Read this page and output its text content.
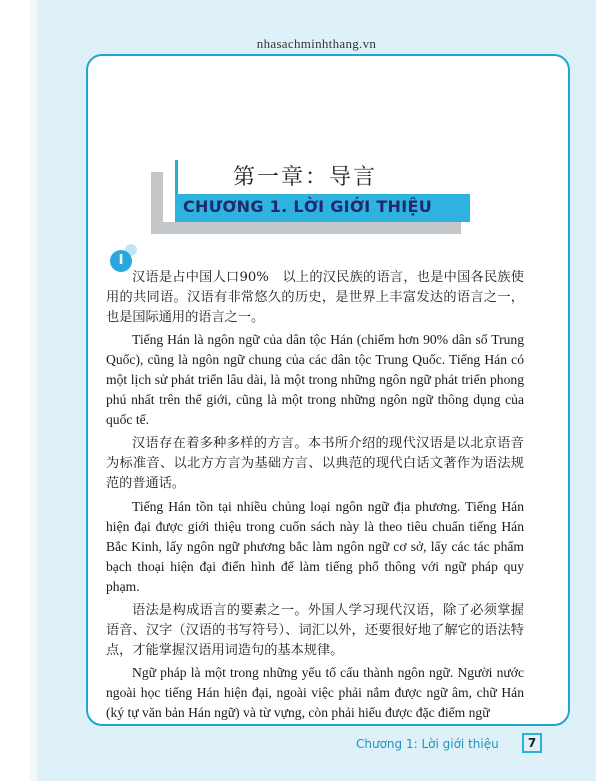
nhasachminhthang.vn
第一章：导言
CHƯƠNG 1. LỜI GIỚI THIỆU
I

汉语是占中国人口90%　以上的汉民族的语言，也是中国各民族使用的共同语。汉语有非常悠久的历史，是世界上丰富发达的语言之一，也是国际通用的语言之一。

Tiếng Hán là ngôn ngữ của dân tộc Hán (chiếm hơn 90% dân số Trung Quốc), cũng là ngôn ngữ chung của các dân tộc Trung Quốc. Tiếng Hán có một lịch sử phát triển lâu dài, là một trong những ngôn ngữ phát triển phong phú nhất trên thế giới, cũng là một trong những ngôn ngữ thông dụng của quốc tế.

汉语存在着多种多样的方言。本书所介绍的现代汉语是以北京语音为标准音、以北方方言为基础方言、以典范的现代白话文著作为语法规范的普通话。

Tiếng Hán tồn tại nhiều chủng loại ngôn ngữ địa phương. Tiếng Hán hiện đại được giới thiệu trong cuốn sách này là theo tiêu chuẩn tiếng Hán Bắc Kinh, lấy ngôn ngữ phương bắc làm ngôn ngữ cơ sở, lấy các tác phẩm bạch thoại hiện đại điển hình để làm tiếng phổ thông với ngữ pháp quy phạm.

语法是构成语言的要素之一。外国人学习现代汉语，除了必须掌握语音、汉字（汉语的书写符号）、词汇以外，还要很好地了解它的语法特点，才能掌握汉语用词造句的基本规律。

Ngữ pháp là một trong những yếu tố cấu thành ngôn ngữ. Người nước ngoài học tiếng Hán hiện đại, ngoài việc phải nắm được ngữ âm, chữ Hán (ký tự văn bản Hán ngữ) và từ vựng, còn phải hiểu được đặc điểm ngữ

Chương 1: Lời giới thiệu	7
